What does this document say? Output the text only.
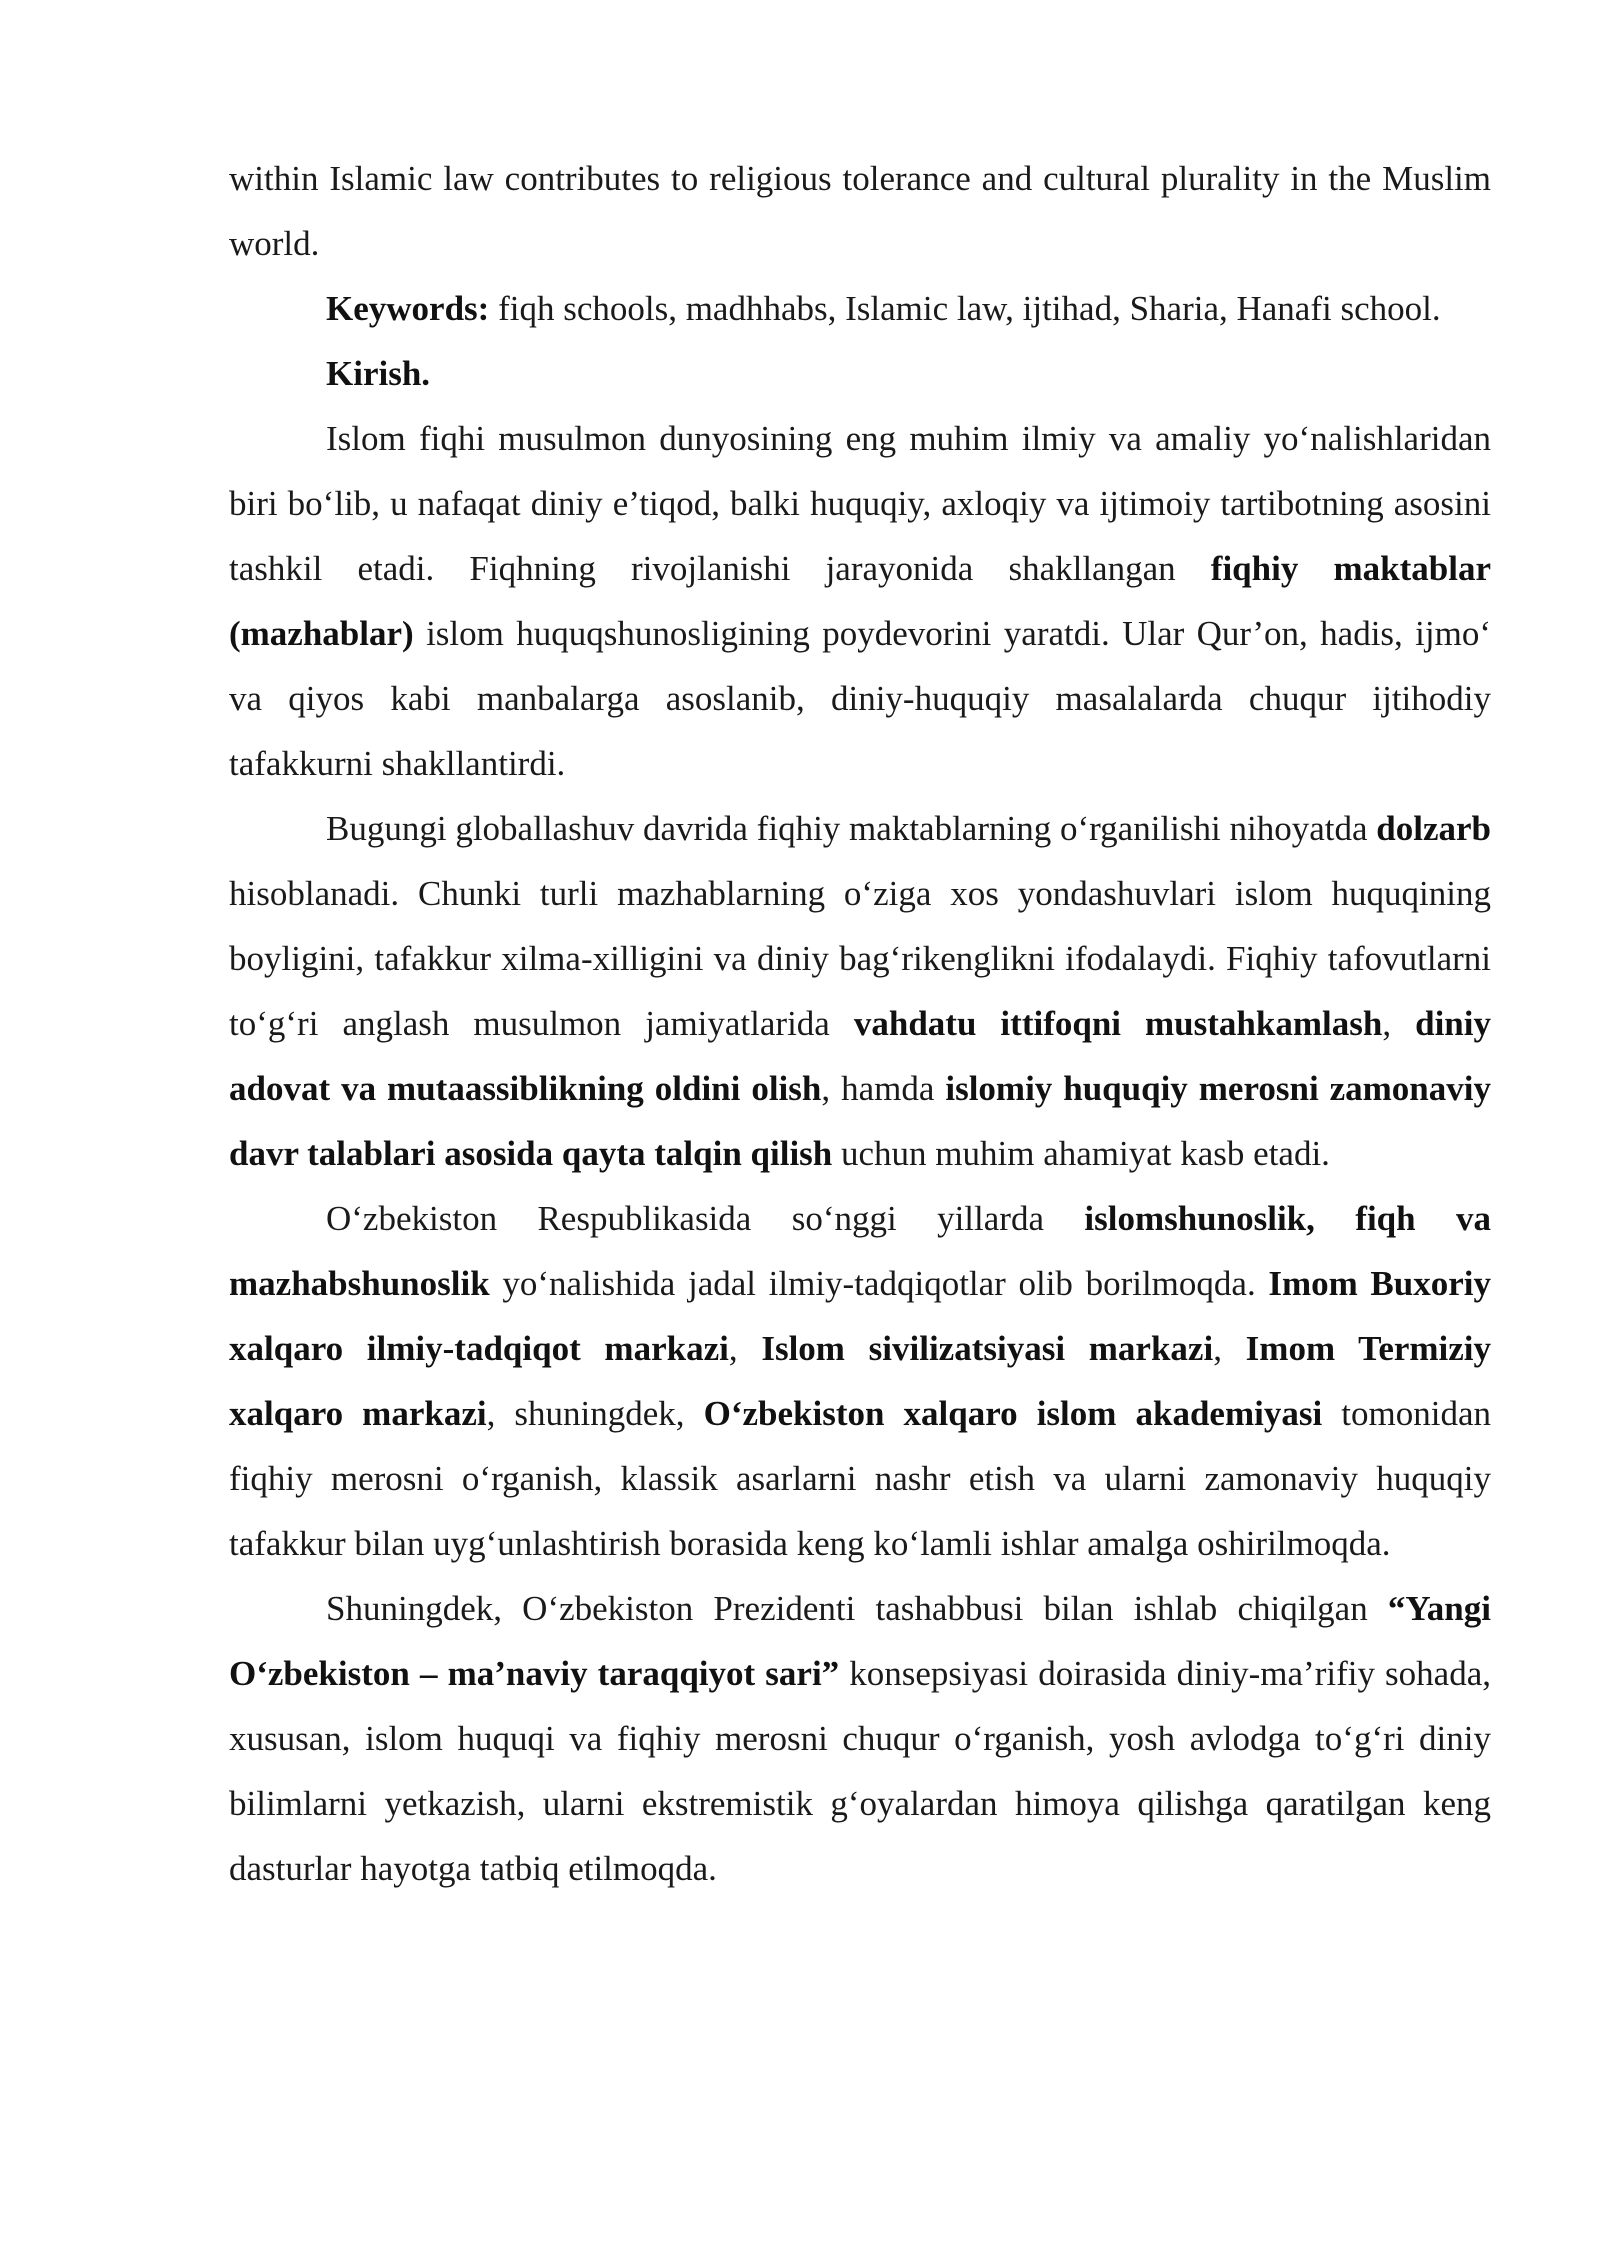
within Islamic law contributes to religious tolerance and cultural plurality in the Muslim world.

Keywords: fiqh schools, madhhabs, Islamic law, ijtihad, Sharia, Hanafi school.

Kirish.

Islom fiqhi musulmon dunyosining eng muhim ilmiy va amaliy yo‘nalishlaridan biri bo‘lib, u nafaqat diniy e’tiqod, balki huquqiy, axloqiy va ijtimoiy tartibotning asosini tashkil etadi. Fiqhning rivojlanishi jarayonida shakllangan fiqhiy maktablar (mazhablar) islom huquqshunosligining poydevorini yaratdi. Ular Qur’on, hadis, ijmo‘ va qiyos kabi manbalarga asoslanib, diniy-huquqiy masalalarda chuqur ijtihodiy tafakkurni shakllantirdi.

Bugungi globallashuv davrida fiqhiy maktablarning o‘rganilishi nihoyatda dolzarb hisoblanadi. Chunki turli mazhablarning o‘ziga xos yondashuvlari islom huquqining boyligini, tafakkur xilma-xilligini va diniy bag‘rikenglikni ifodalaydi. Fiqhiy tafovutlarni to‘g‘ri anglash musulmon jamiyatlarida vahdatu ittifoqni mustahkamlash, diniy adovat va mutaassiblikning oldini olish, hamda islomiy huquqiy merosni zamonaviy davr talablari asosida qayta talqin qilish uchun muhim ahamiyat kasb etadi.

O‘zbekiston Respublikasida so‘nggi yillarda islomshunoslik, fiqh va mazhabshunoslik yo‘nalishida jadal ilmiy-tadqiqotlar olib borilmoqda. Imom Buxoriy xalqaro ilmiy-tadqiqot markazi, Islom sivilizatsiyasi markazi, Imom Termiziy xalqaro markazi, shuningdek, O‘zbekiston xalqaro islom akademiyasi tomonidan fiqhiy merosni o‘rganish, klassik asarlarni nashr etish va ularni zamonaviy huquqiy tafakkur bilan uyg‘unlashtirish borasida keng ko‘lamli ishlar amalga oshirilmoqda.

Shuningdek, O‘zbekiston Prezidenti tashabbusi bilan ishlab chiqilgan “Yangi O‘zbekiston – ma’naviy taraqqiyot sari” konsepsiyasi doirasida diniy-ma’rifiy sohada, xususan, islom huquqi va fiqhiy merosni chuqur o‘rganish, yosh avlodga to‘g‘ri diniy bilimlarni yetkazish, ularni ekstremistik g‘oyalardan himoya qilishga qaratilgan keng dasturlar hayotga tatbiq etilmoqda.
